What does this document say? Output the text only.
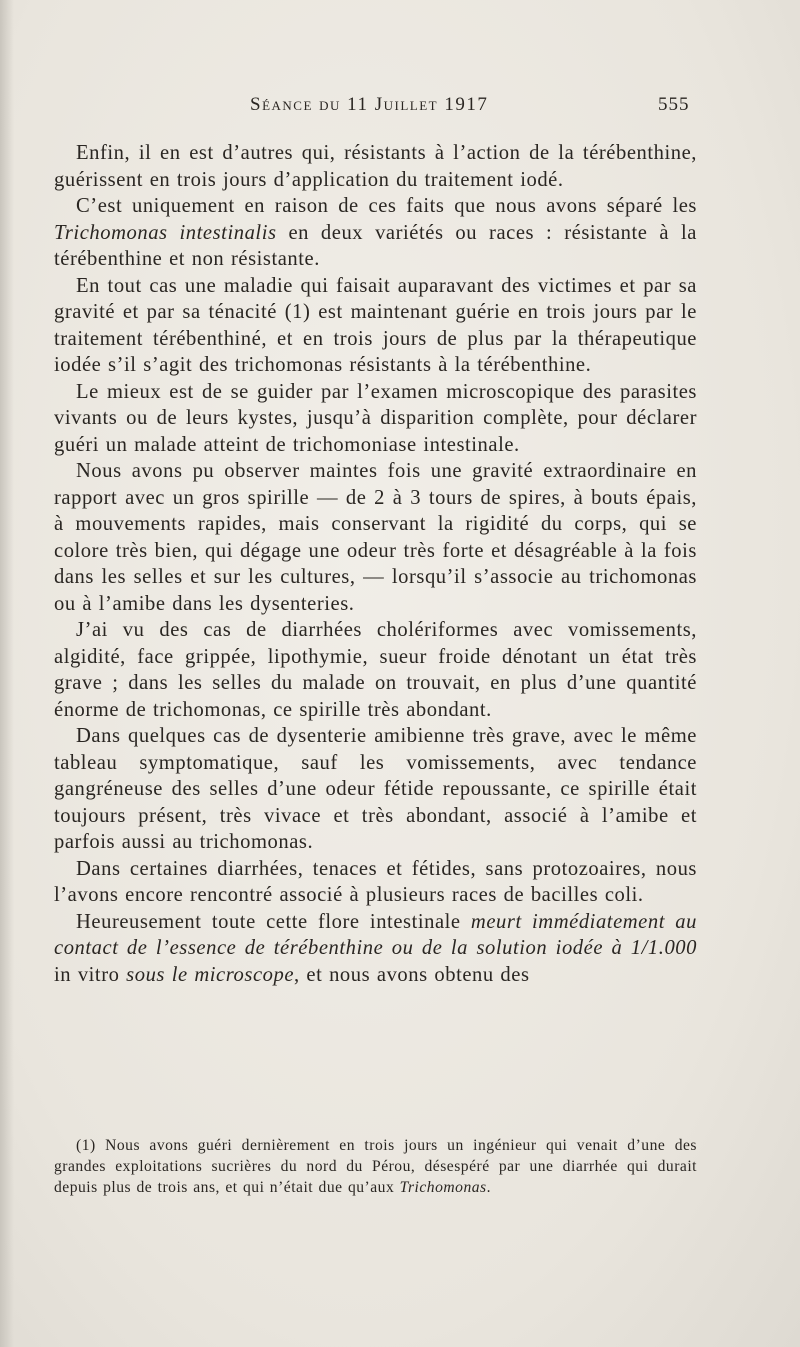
Séance du 11 Juillet 1917	555

Enfin, il en est d’autres qui, résistants à l’action de la térébenthine, guérissent en trois jours d’application du traitement iodé.

C’est uniquement en raison de ces faits que nous avons séparé les Trichomonas intestinalis en deux variétés ou races : résistante à la térébenthine et non résistante.

En tout cas une maladie qui faisait auparavant des victimes et par sa gravité et par sa ténacité (1) est maintenant guérie en trois jours par le traitement térébenthiné, et en trois jours de plus par la thérapeutique iodée s’il s’agit des trichomonas résistants à la térébenthine.

Le mieux est de se guider par l’examen microscopique des parasites vivants ou de leurs kystes, jusqu’à disparition complète, pour déclarer guéri un malade atteint de trichomoniase intestinale.

Nous avons pu observer maintes fois une gravité extraordinaire en rapport avec un gros spirille — de 2 à 3 tours de spires, à bouts épais, à mouvements rapides, mais conservant la rigidité du corps, qui se colore très bien, qui dégage une odeur très forte et désagréable à la fois dans les selles et sur les cultures, — lorsqu’il s’associe au trichomonas ou à l’amibe dans les dysenteries.

J’ai vu des cas de diarrhées cholériformes avec vomissements, algidité, face grippée, lipothymie, sueur froide dénotant un état très grave ; dans les selles du malade on trouvait, en plus d’une quantité énorme de trichomonas, ce spirille très abondant.

Dans quelques cas de dysenterie amibienne très grave, avec le même tableau symptomatique, sauf les vomissements, avec tendance gangréneuse des selles d’une odeur fétide repoussante, ce spirille était toujours présent, très vivace et très abondant, associé à l’amibe et parfois aussi au trichomonas.

Dans certaines diarrhées, tenaces et fétides, sans protozoaires, nous l’avons encore rencontré associé à plusieurs races de bacilles coli.

Heureusement toute cette flore intestinale meurt immédiatement au contact de l’essence de térébenthine ou de la solution iodée à 1/1.000 in vitro sous le microscope, et nous avons obtenu des

(1) Nous avons guéri dernièrement en trois jours un ingénieur qui venait d’une des grandes exploitations sucrières du nord du Pérou, désespéré par une diarrhée qui durait depuis plus de trois ans, et qui n’était due qu’aux Trichomonas.
